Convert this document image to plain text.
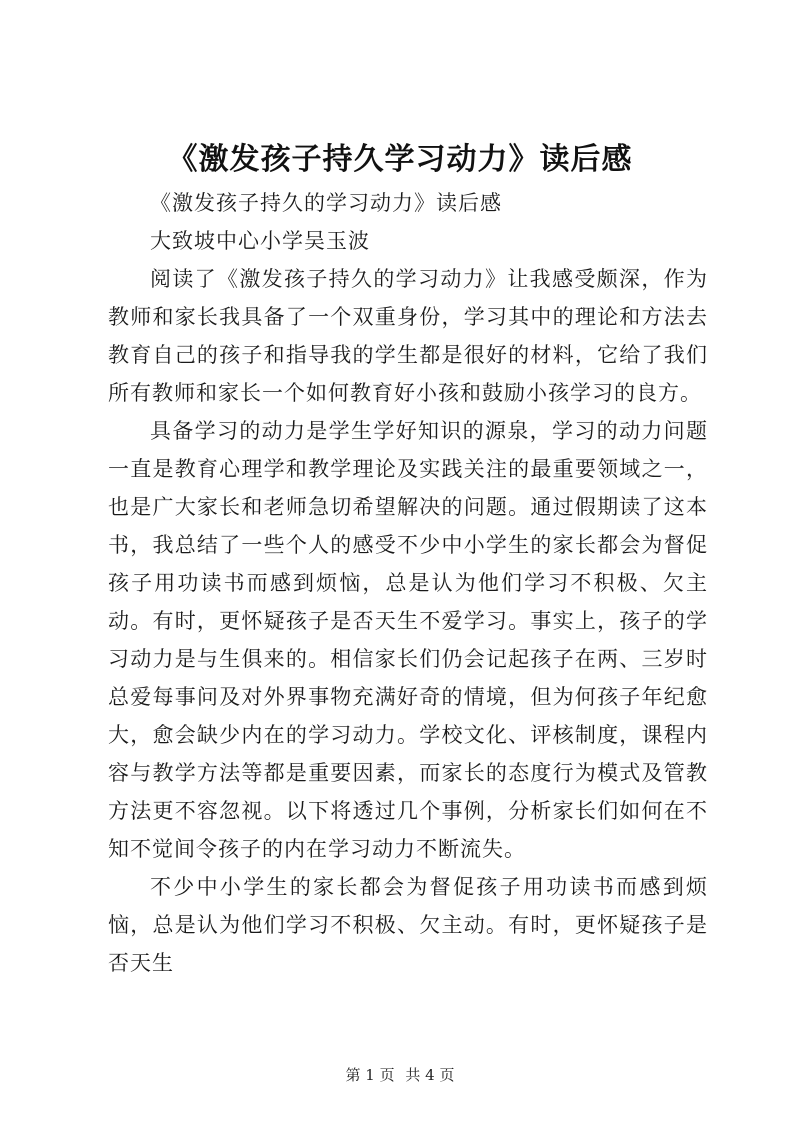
《激发孩子持久学习动力》读后感

《激发孩子持久的学习动力》读后感

大致坡中心小学吴玉波

阅读了《激发孩子持久的学习动力》让我感受颇深，作为教师和家长我具备了一个双重身份，学习其中的理论和方法去教育自己的孩子和指导我的学生都是很好的材料，它给了我们所有教师和家长一个如何教育好小孩和鼓励小孩学习的良方。

具备学习的动力是学生学好知识的源泉，学习的动力问题一直是教育心理学和教学理论及实践关注的最重要领域之一，也是广大家长和老师急切希望解决的问题。通过假期读了这本书，我总结了一些个人的感受不少中小学生的家长都会为督促孩子用功读书而感到烦恼，总是认为他们学习不积极、欠主动。有时，更怀疑孩子是否天生不爱学习。事实上，孩子的学习动力是与生俱来的。相信家长们仍会记起孩子在两、三岁时总爱每事问及对外界事物充满好奇的情境，但为何孩子年纪愈大，愈会缺少内在的学习动力。学校文化、评核制度，课程内容与教学方法等都是重要因素，而家长的态度行为模式及管教方法更不容忽视。以下将透过几个事例，分析家长们如何在不知不觉间令孩子的内在学习动力不断流失。

不少中小学生的家长都会为督促孩子用功读书而感到烦恼，总是认为他们学习不积极、欠主动。有时，更怀疑孩子是否天生

第 1 页 共 4 页
